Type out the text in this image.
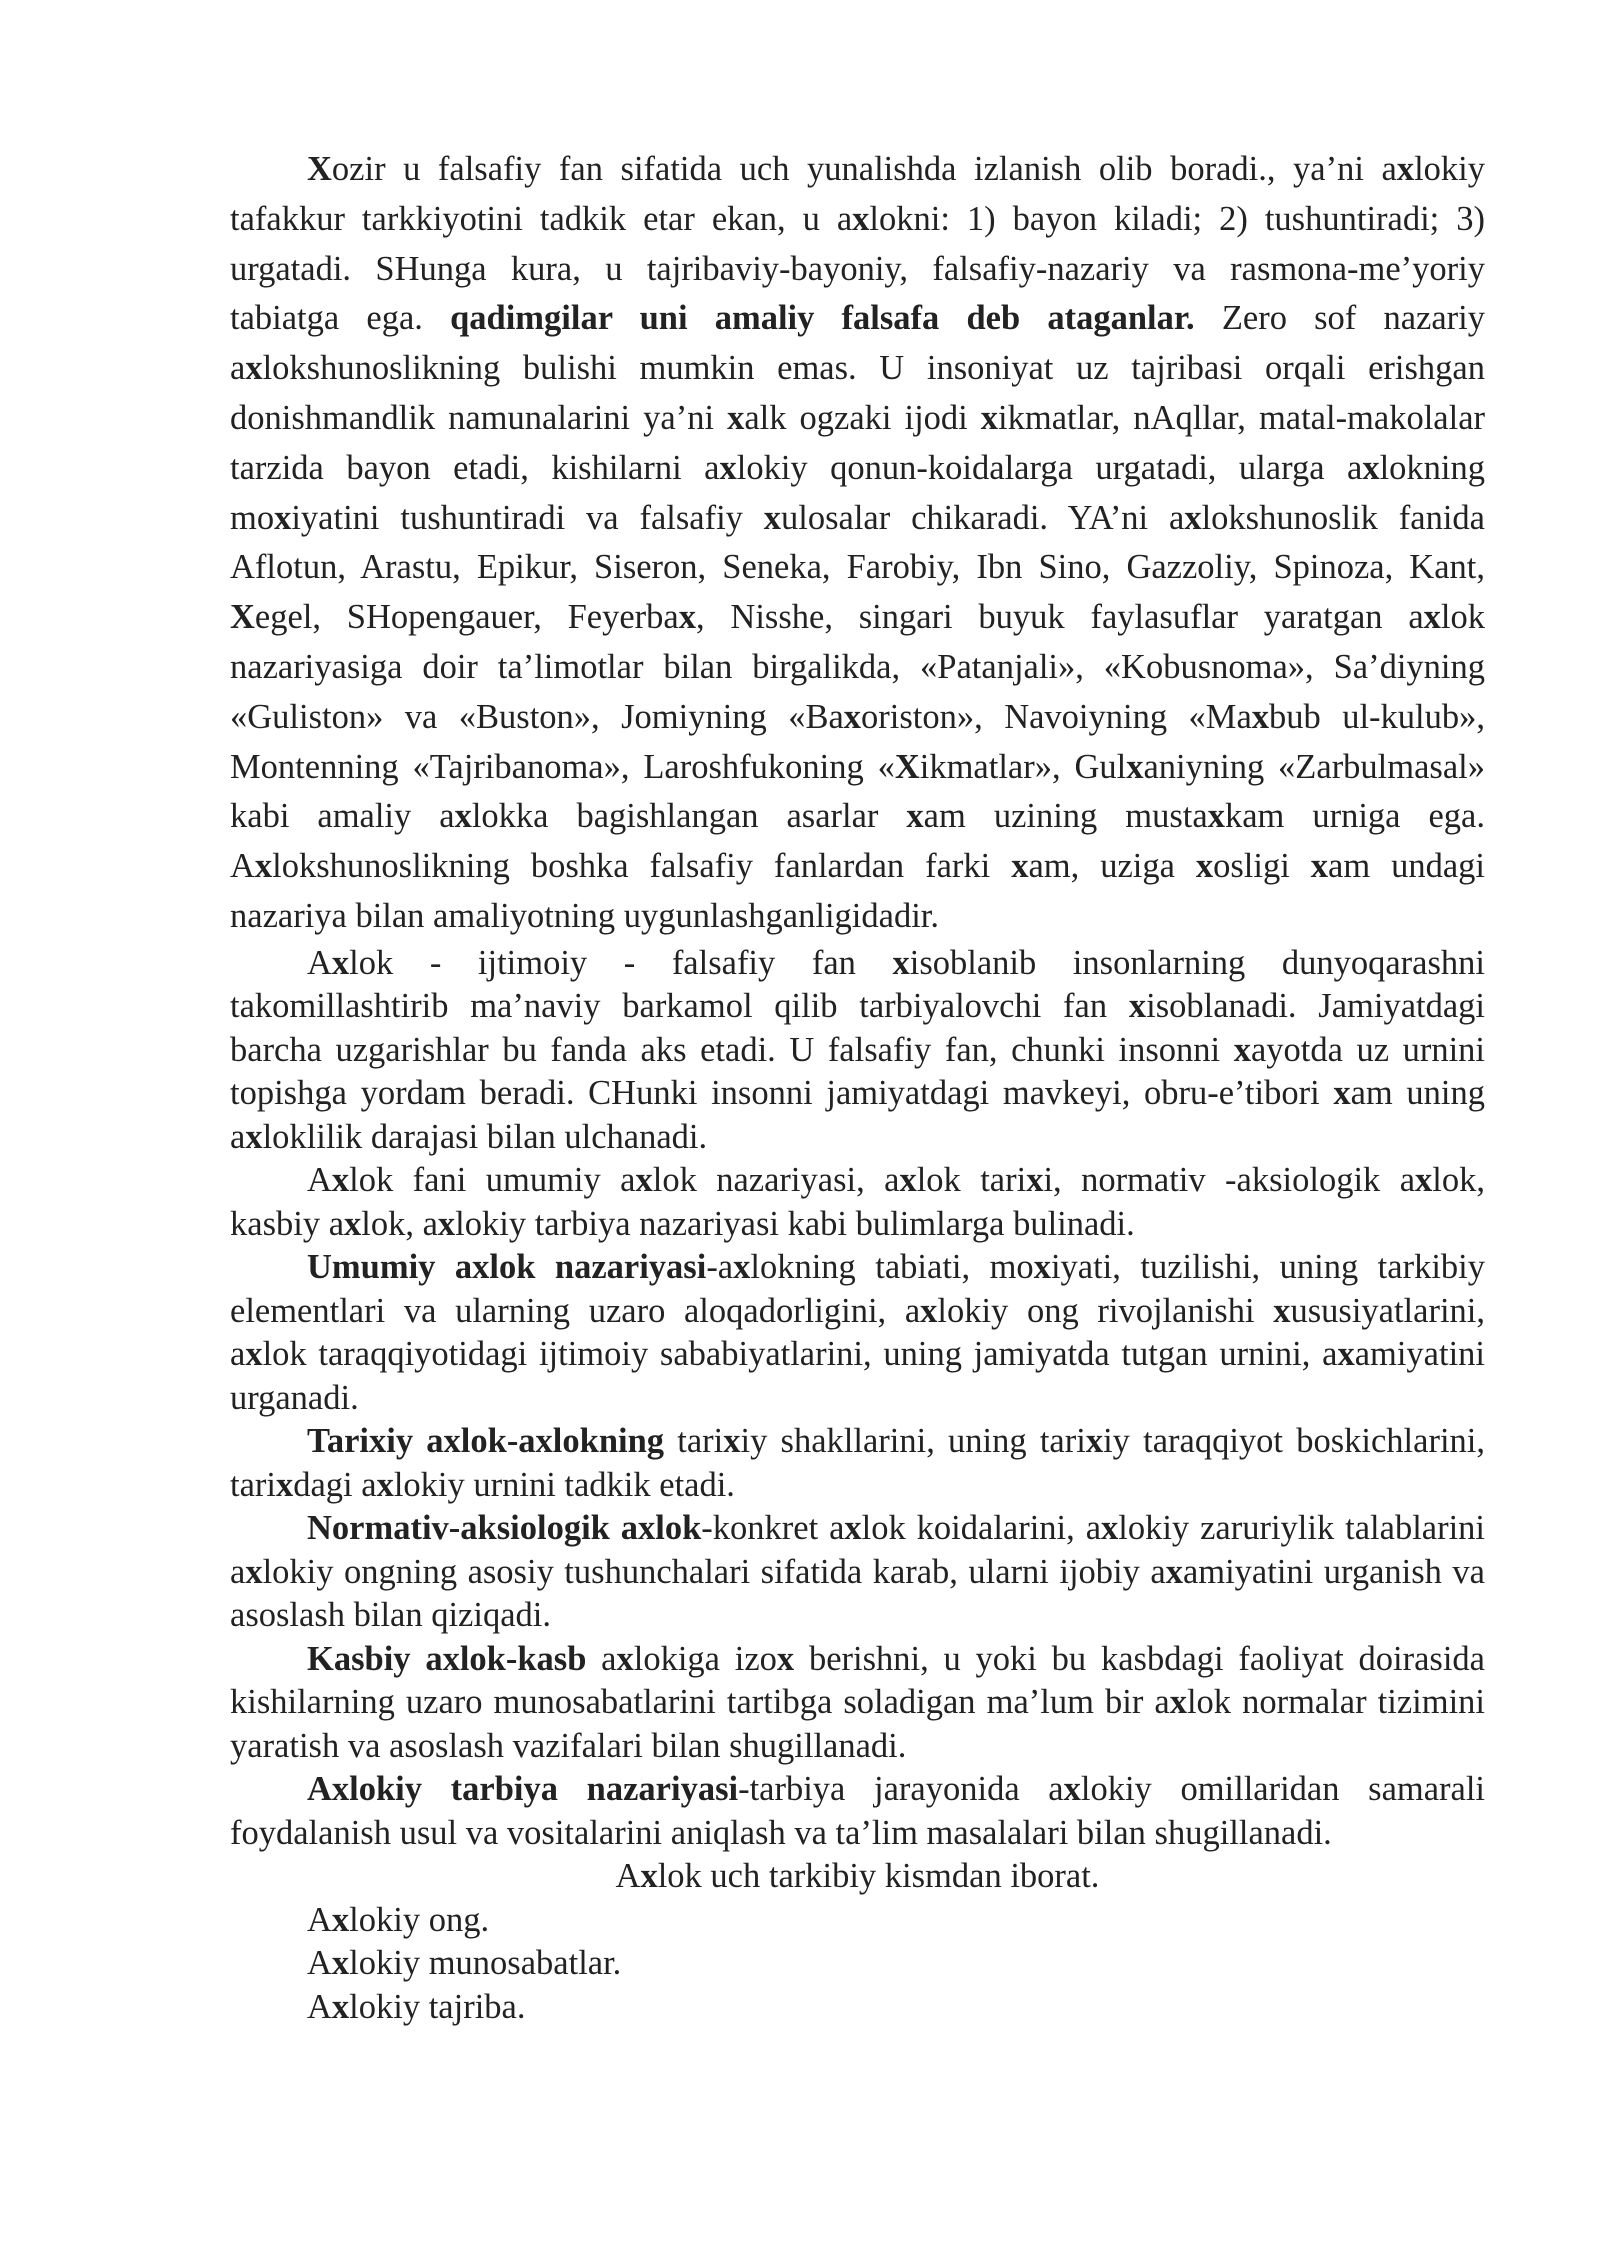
Xozir u falsafiy fan sifatida uch yunalishda izlanish olib boradi., ya’ni axlokiy tafakkur tarkkiyotini tadkik etar ekan, u axlokni: 1) bayon kiladi; 2) tushuntiradi; 3) urgatadi. SHunga kura, u tajribaviy-bayoniy, falsafiy-nazariy va rasmona-me’yoriy tabiatga ega. qadimgilar uni amaliy falsafa deb ataganlar. Zero sof nazariy axlokshunoslikning bulishi mumkin emas. U insoniyat uz tajribasi orqali erishgan donishmandlik namunalarini ya’ni xalk ogzaki ijodi xikmatlar, nAqllar, matal-makolalar tarzida bayon etadi, kishilarni axlokiy qonun-koidalarga urgatadi, ularga axlokning moxiyatini tushuntiradi va falsafiy xulosalar chikaradi. YA’ni axlokshunoslik fanida Aflotun, Arastu, Epikur, Siseron, Seneka, Farobiy, Ibn Sino, Gazzoliy, Spinoza, Kant, Xegel, SHopengauer, Feyerbax, Nisshe, singari buyuk faylasuflar yaratgan axlok nazariyasiga doir ta’limotlar bilan birgalikda, «Patanjali», «Kobusnoma», Sa’diyning «Guliston» va «Buston», Jomiyning «Baxoriston», Navoiyning «Maxbub ul-kulub», Montenning «Tajribanoma», Laroshfukoning «Xikmatlar», Gulxaniyning «Zarbulmasal» kabi amaliy axlokka bagishlangan asarlar xam uzining mustaxkam urniga ega. Axlokshunoslikning boshka falsafiy fanlardan farki xam, uziga xosligi xam undagi nazariya bilan amaliyotning uygunlashganligidadir.

Axlok - ijtimoiy - falsafiy fan xisoblanib insonlarning dunyoqarashni takomillashtirib ma’naviy barkamol qilib tarbiyalovchi fan xisoblanadi. Jamiyatdagi barcha uzgarishlar bu fanda aks etadi. U falsafiy fan, chunki insonni xayotda uz urnini topishga yordam beradi. CHunki insonni jamiyatdagi mavkeyi, obru-e’tibori xam uning axloklilik darajasi bilan ulchanadi.

Axlok fani umumiy axlok nazariyasi, axlok tarixi, normativ -aksiologik axlok, kasbiy axlok, axlokiy tarbiya nazariyasi kabi bulimlarga bulinadi.

Umumiy axlok nazariyasi-axlokning tabiati, moxiyati, tuzilishi, uning tarkibiy elementlari va ularning uzaro aloqadorligini, axlokiy ong rivojlanishi xususiyatlarini, axlok taraqqiyotidagi ijtimoiy sababiyatlarini, uning jamiyatda tutgan urnini, axamiyatini urganadi.

Tarixiy axlok-axlokning tarixiy shakllarini, uning tarixiy taraqqiyot boskichlarini, tarixdagi axlokiy urnini tadkik etadi.

Normativ-aksiologik axlok-konkret axlok koidalarini, axlokiy zaruriylik talablarini axlokiy ongning asosiy tushunchalari sifatida karab, ularni ijobiy axamiyatini urganish va asoslash bilan qiziqadi.

Kasbiy axlok-kasb axlokiga izox berishni, u yoki bu kasbdagi faoliyat doirasida kishilarning uzaro munosabatlarini tartibga soladigan ma’lum bir axlok normalar tizimini yaratish va asoslash vazifalari bilan shugillanadi.

Axlokiy tarbiya nazariyasi-tarbiya jarayonida axlokiy omillaridan samarali foydalanish usul va vositalarini aniqlash va ta’lim masalalari bilan shugillanadi.

Axlok uch tarkibiy kismdan iborat.

Axlokiy ong.

Axlokiy munosabatlar.

Axlokiy tajriba.
